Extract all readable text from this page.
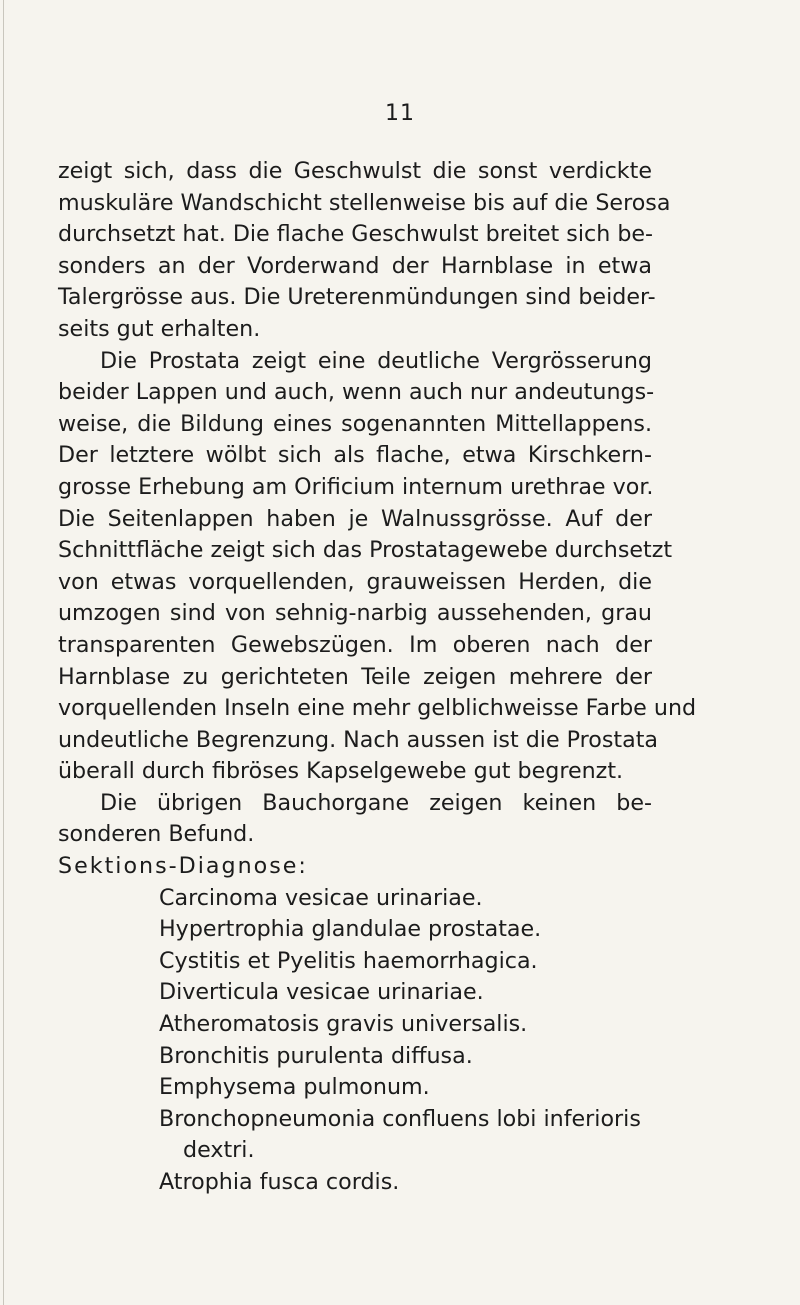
11
zeigt sich, dass die Geschwulst die sonst verdickte
muskuläre Wandschicht stellenweise bis auf die Serosa
durchsetzt hat. Die flache Geschwulst breitet sich be-
sonders an der Vorderwand der Harnblase in etwa
Talergrösse aus. Die Ureterenmündungen sind beider-
seits gut erhalten.
Die Prostata zeigt eine deutliche Vergrösserung
beider Lappen und auch, wenn auch nur andeutungs-
weise, die Bildung eines sogenannten Mittellappens.
Der letztere wölbt sich als flache, etwa Kirschkern-
grosse Erhebung am Orificium internum urethrae vor.
Die Seitenlappen haben je Walnussgrösse. Auf der
Schnittfläche zeigt sich das Prostatagewebe durchsetzt
von etwas vorquellenden, grauweissen Herden, die
umzogen sind von sehnig-narbig aussehenden, grau
transparenten Gewebszügen. Im oberen nach der
Harnblase zu gerichteten Teile zeigen mehrere der
vorquellenden Inseln eine mehr gelblichweisse Farbe und
undeutliche Begrenzung. Nach aussen ist die Prostata
überall durch fibröses Kapselgewebe gut begrenzt.
Die übrigen Bauchorgane zeigen keinen be-
sonderen Befund.
Sektions-Diagnose:
Carcinoma vesicae urinariae.
Hypertrophia glandulae prostatae.
Cystitis et Pyelitis haemorrhagica.
Diverticula vesicae urinariae.
Atheromatosis gravis universalis.
Bronchitis purulenta diffusa.
Emphysema pulmonum.
Bronchopneumonia confluens lobi inferioris
dextri.
Atrophia fusca cordis.
